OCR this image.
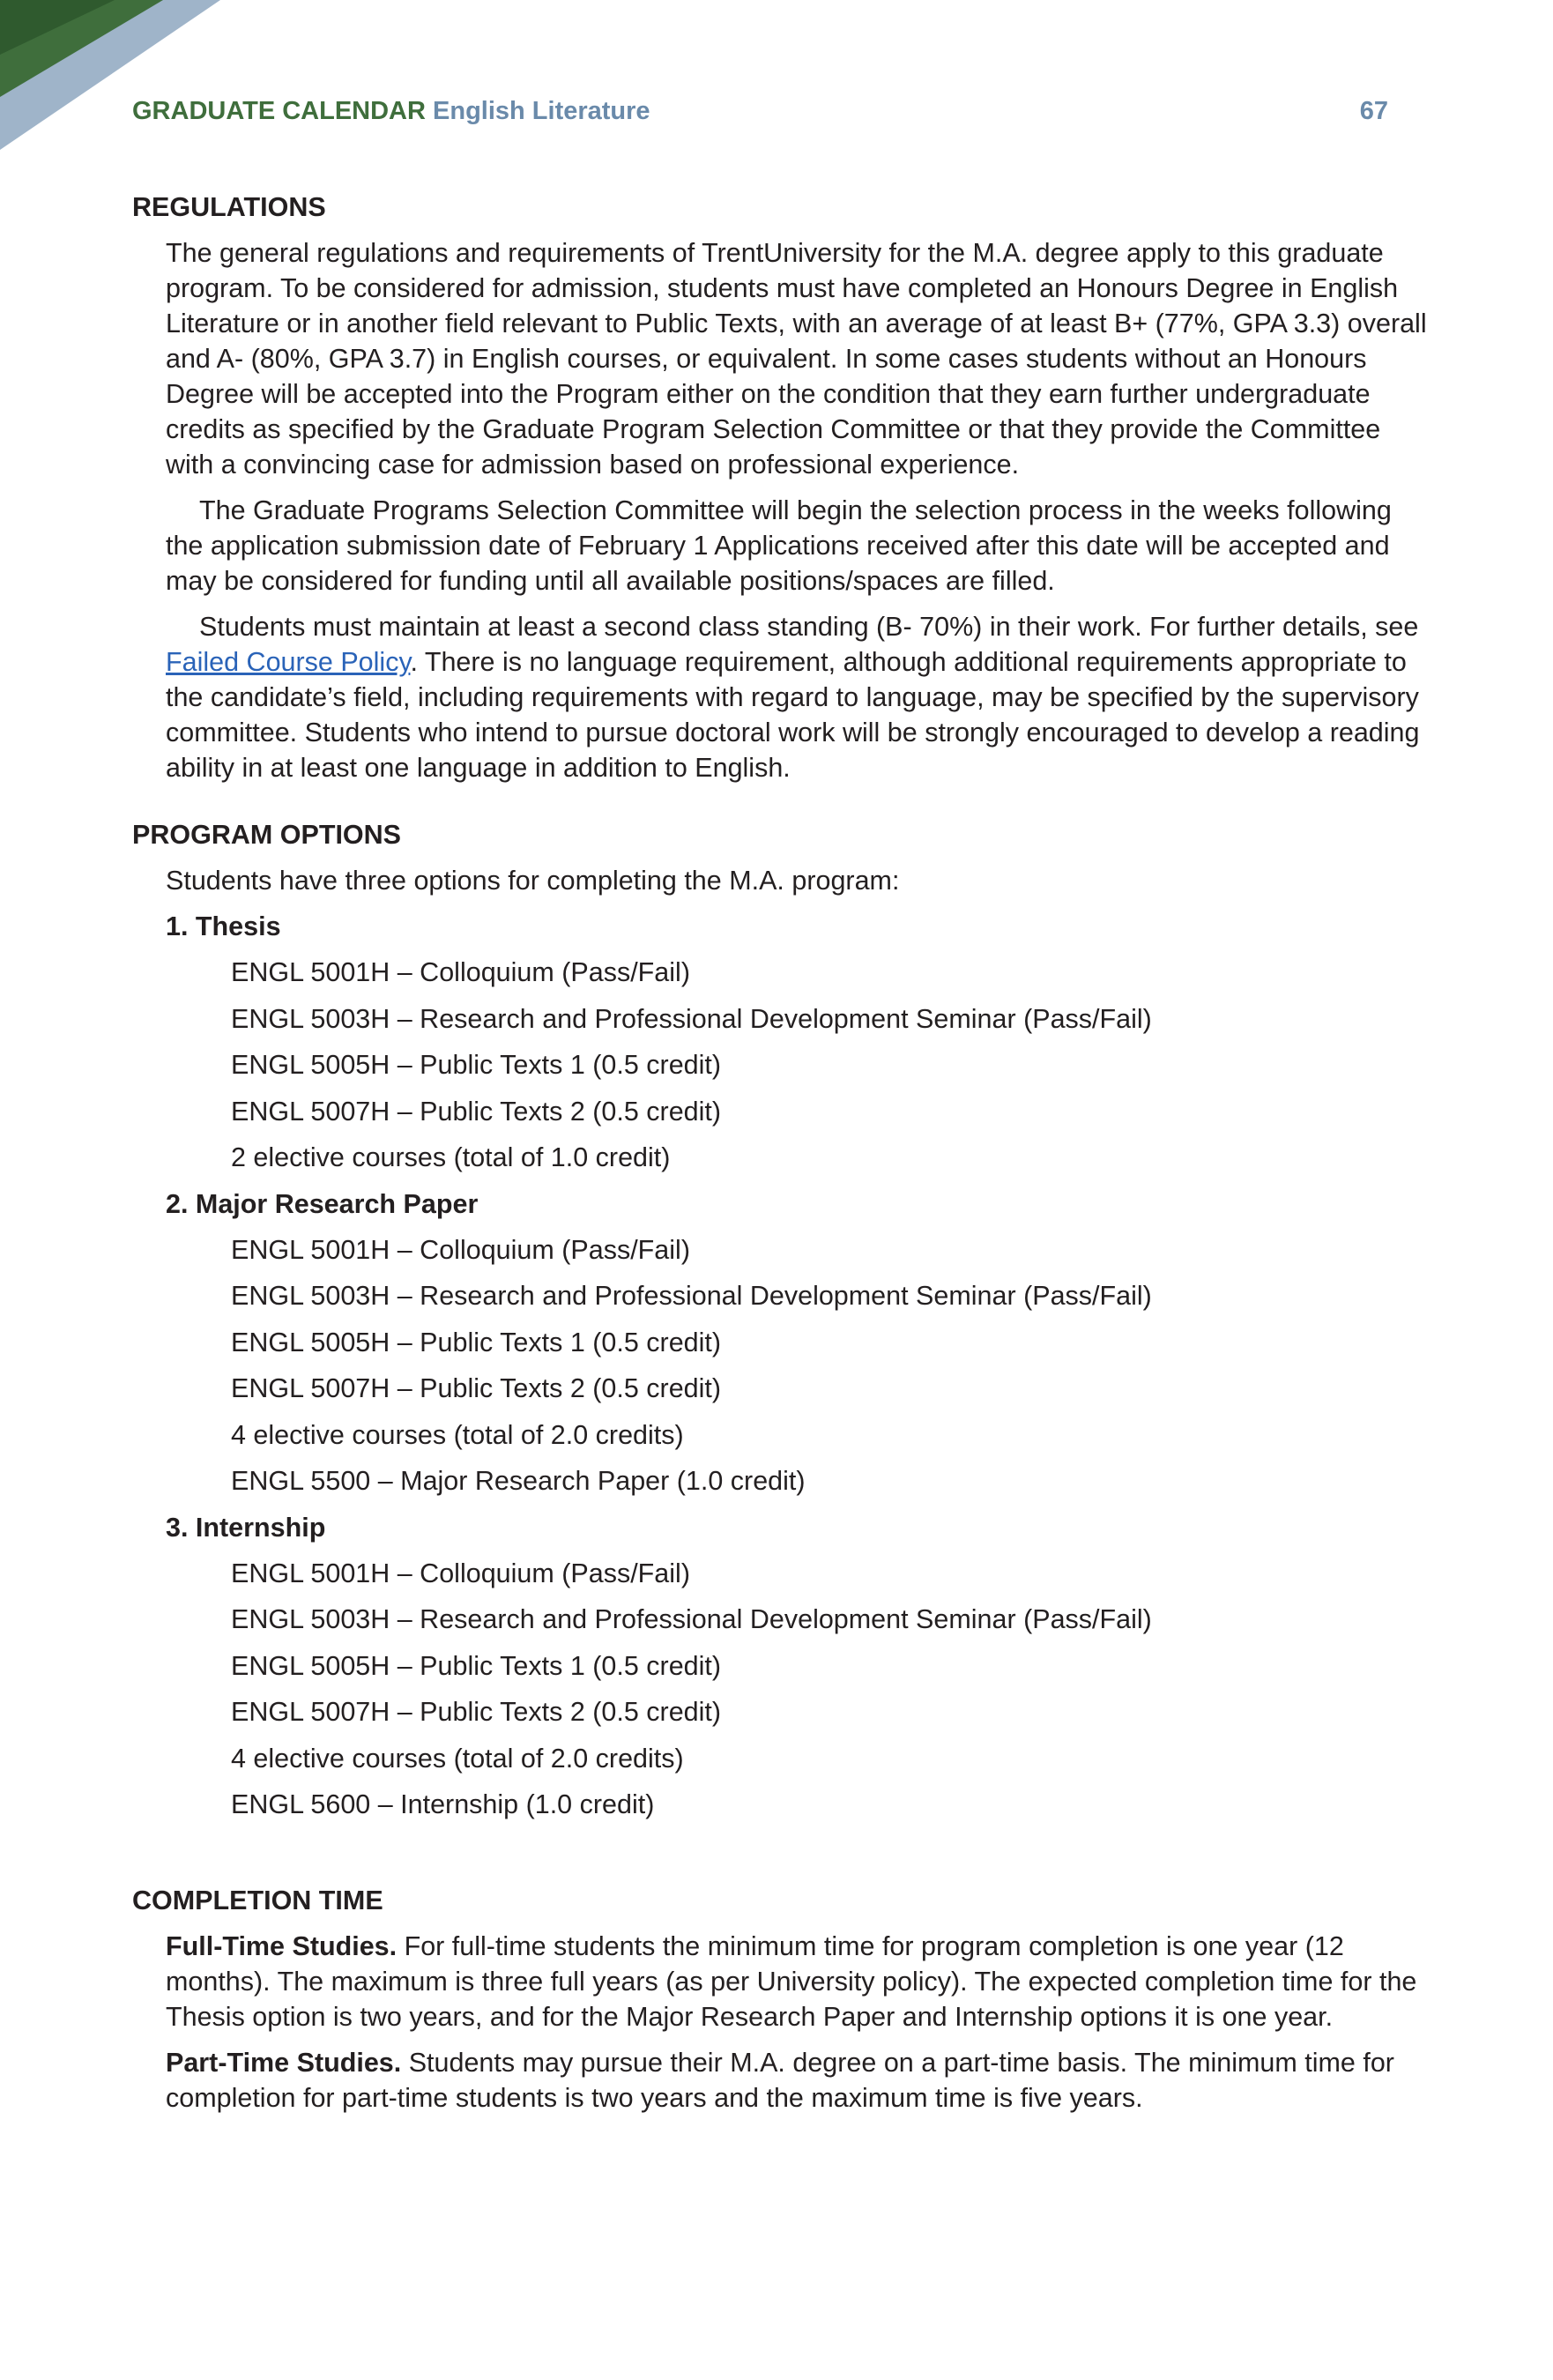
GRADUATE CALENDAR English Literature	67
REGULATIONS
The general regulations and requirements of TrentUniversity for the M.A. degree apply to this graduate program. To be considered for admission, students must have completed an Honours Degree in English Literature or in another field relevant to Public Texts, with an average of at least B+ (77%, GPA 3.3) overall and A- (80%, GPA 3.7) in English courses, or equivalent. In some cases students without an Honours Degree will be accepted into the Program either on the condition that they earn further undergraduate credits as specified by the Graduate Program Selection Committee or that they provide the Committee with a convincing case for admission based on professional experience.
The Graduate Programs Selection Committee will begin the selection process in the weeks following the application submission date of February 1 Applications received after this date will be accepted and may be considered for funding until all available positions/spaces are filled.
Students must maintain at least a second class standing (B- 70%) in their work. For further details, see Failed Course Policy. There is no language requirement, although additional requirements appropriate to the candidate’s field, including requirements with regard to language, may be specified by the supervisory committee. Students who intend to pursue doctoral work will be strongly encouraged to develop a reading ability in at least one language in addition to English.
PROGRAM OPTIONS
Students have three options for completing the M.A. program:
1. Thesis
ENGL 5001H – Colloquium (Pass/Fail)
ENGL 5003H – Research and Professional Development Seminar (Pass/Fail)
ENGL 5005H – Public Texts 1 (0.5 credit)
ENGL 5007H – Public Texts 2 (0.5 credit)
2 elective courses (total of 1.0 credit)
2. Major Research Paper
ENGL 5001H – Colloquium (Pass/Fail)
ENGL 5003H – Research and Professional Development Seminar (Pass/Fail)
ENGL 5005H – Public Texts 1 (0.5 credit)
ENGL 5007H – Public Texts 2 (0.5 credit)
4 elective courses (total of 2.0 credits)
ENGL 5500 – Major Research Paper (1.0 credit)
3. Internship
ENGL 5001H – Colloquium (Pass/Fail)
ENGL 5003H – Research and Professional Development Seminar (Pass/Fail)
ENGL 5005H – Public Texts 1 (0.5 credit)
ENGL 5007H – Public Texts 2 (0.5 credit)
4 elective courses (total of 2.0 credits)
ENGL 5600 – Internship (1.0 credit)
COMPLETION TIME
Full-Time Studies. For full-time students the minimum time for program completion is one year (12 months). The maximum is three full years (as per University policy). The expected completion time for the Thesis option is two years, and for the Major Research Paper and Internship options it is one year.
Part-Time Studies. Students may pursue their M.A. degree on a part-time basis. The minimum time for completion for part-time students is two years and the maximum time is five years.
